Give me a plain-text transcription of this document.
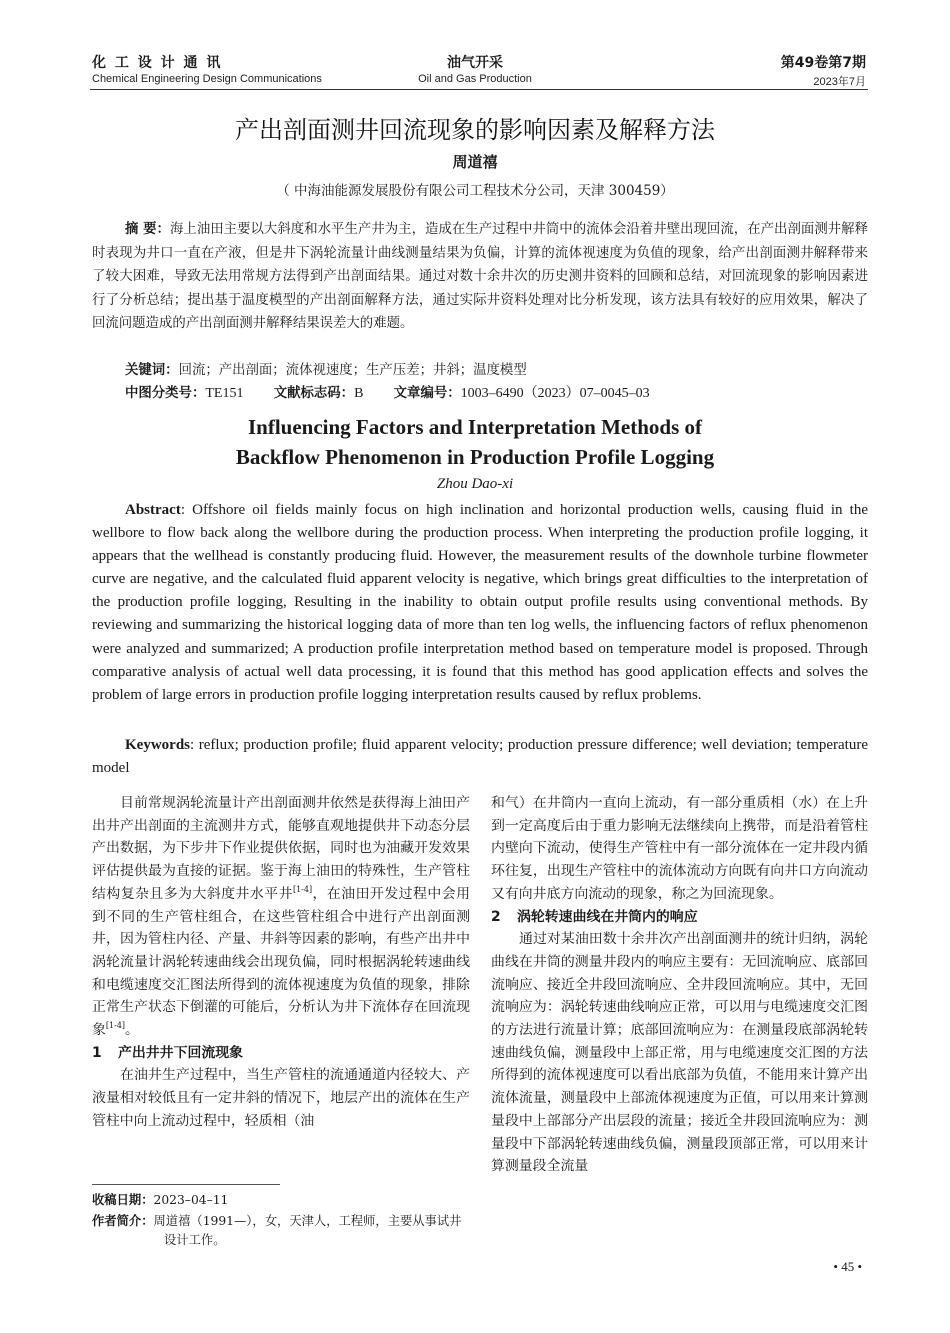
化 工 设 计 通 讯
Chemical Engineering Design Communications
油气开采
Oil and Gas Production
第49卷第7期
2023年7月
产出剖面测井回流现象的影响因素及解释方法
周道禧
（ 中海油能源发展股份有限公司工程技术分公司，天津 300459）
摘 要：海上油田主要以大斜度和水平生产井为主，造成在生产过程中井筒中的流体会沿着井壁出现回流，在产出剖面测井解释时表现为井口一直在产液，但是井下涡轮流量计曲线测量结果为负偏，计算的流体视速度为负值的现象，给产出剖面测井解释带来了较大困难，导致无法用常规方法得到产出剖面结果。通过对数十余井次的历史测井资料的回顾和总结，对回流现象的影响因素进行了分析总结；提出基于温度模型的产出剖面解释方法，通过实际井资料处理对比分析发现，该方法具有较好的应用效果，解决了回流问题造成的产出剖面测井解释结果误差大的难题。
关键词：回流；产出剖面；流体视速度；生产压差；井斜；温度模型
中图分类号：TE151 文献标志码：B 文章编号：1003–6490（2023）07–0045–03
Influencing Factors and Interpretation Methods of
Backflow Phenomenon in Production Profile Logging
Zhou Dao-xi
Abstract: Offshore oil fields mainly focus on high inclination and horizontal production wells, causing fluid in the wellbore to flow back along the wellbore during the production process. When interpreting the production profile logging, it appears that the wellhead is constantly producing fluid. However, the measurement results of the downhole turbine flowmeter curve are negative, and the calculated fluid apparent velocity is negative, which brings great difficulties to the interpretation of the production profile logging, Resulting in the inability to obtain output profile results using conventional methods. By reviewing and summarizing the historical logging data of more than ten log wells, the influencing factors of reflux phenomenon were analyzed and summarized; A production profile interpretation method based on temperature model is proposed. Through comparative analysis of actual well data processing, it is found that this method has good application effects and solves the problem of large errors in production profile logging interpretation results caused by reflux problems.
Keywords: reflux; production profile; fluid apparent velocity; production pressure difference; well deviation; temperature model

目前常规涡轮流量计产出剖面测井依然是获得海上油田产出井产出剖面的主流测井方式，能够直观地提供井下动态分层产出数据，为下步井下作业提供依据，同时也为油藏开发效果评估提供最为直接的证据。鉴于海上油田的特殊性，生产管柱结构复杂且多为大斜度井水平井[1-4]，在油田开发过程中会用到不同的生产管柱组合，在这些管柱组合中进行产出剖面测井，因为管柱内径、产量、井斜等因素的影响，有些产出井中涡轮流量计涡轮转速曲线会出现负偏，同时根据涡轮转速曲线和电缆速度交汇图法所得到的流体视速度为负值的现象，排除正常生产状态下倒灌的可能后，分析认为井下流体存在回流现象[1-4]。

1 产出井井下回流现象

在油井生产过程中，当生产管柱的流通通道内径较大、产液量相对较低且有一定井斜的情况下，地层产出的流体在生产管柱中向上流动过程中，轻质相（油

和气）在井筒内一直向上流动，有一部分重质相（水）在上升到一定高度后由于重力影响无法继续向上携带，而是沿着管柱内壁向下流动，使得生产管柱中有一部分流体在一定井段内循环往复，出现生产管柱中的流体流动方向既有向井口方向流动又有向井底方向流动的现象，称之为回流现象。

2 涡轮转速曲线在井筒内的响应

通过对某油田数十余井次产出剖面测井的统计归纳，涡轮曲线在井筒的测量井段内的响应主要有：无回流响应、底部回流响应、接近全井段回流响应、全井段回流响应。其中，无回流响应为：涡轮转速曲线响应正常，可以用与电缆速度交汇图的方法进行流量计算；底部回流响应为：在测量段底部涡轮转速曲线负偏，测量段中上部正常，用与电缆速度交汇图的方法所得到的流体视速度可以看出底部为负值，不能用来计算产出流体流量，测量段中上部流体视速度为正值，可以用来计算测量段中上部部分产出层段的流量；接近全井段回流响应为：测量段中下部涡轮转速曲线负偏，测量段顶部正常，可以用来计算测量段全流量

收稿日期：2023–04–11
作者简介：周道禧（1991—），女，天津人，工程师，主要从事试井设计工作。
• 45 •
